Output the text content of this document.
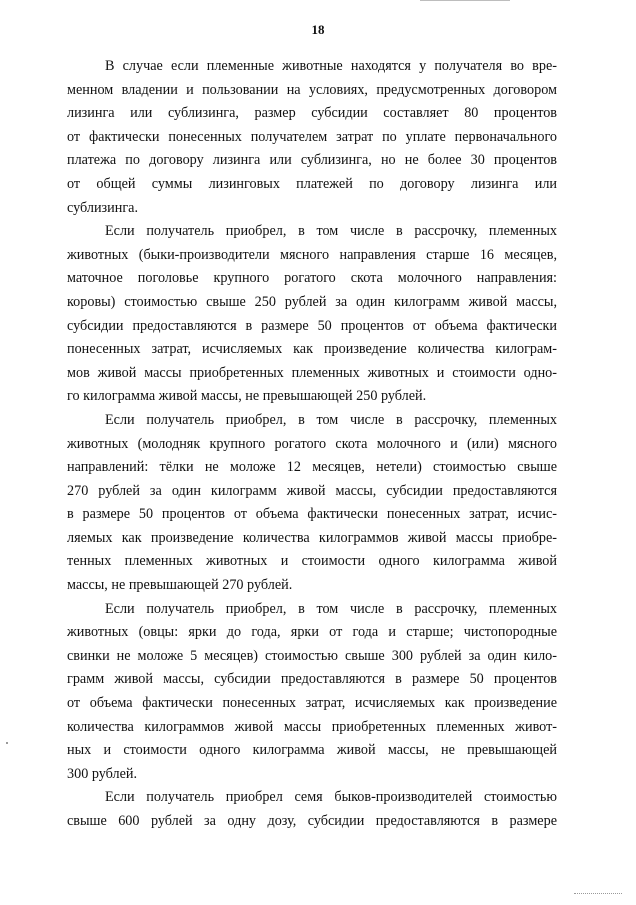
18

В случае если племенные животные находятся у получателя во вре-
менном владении и пользовании на условиях, предусмотренных договором
лизинга или сублизинга, размер субсидии составляет 80 процентов
от фактически понесенных получателем затрат по уплате первоначального
платежа по договору лизинга или сублизинга, но не более 30 процентов
от общей суммы лизинговых платежей по договору лизинга или
сублизинга.

Если получатель приобрел, в том числе в рассрочку, племенных
животных (быки-производители мясного направления старше 16 месяцев,
маточное поголовье крупного рогатого скота молочного направления:
коровы) стоимостью свыше 250 рублей за один килограмм живой массы,
субсидии предоставляются в размере 50 процентов от объема фактически
понесенных затрат, исчисляемых как произведение количества килограм-
мов живой массы приобретенных племенных животных и стоимости одно-
го килограмма живой массы, не превышающей 250 рублей.

Если получатель приобрел, в том числе в рассрочку, племенных
животных (молодняк крупного рогатого скота молочного и (или) мясного
направлений: тёлки не моложе 12 месяцев, нетели) стоимостью свыше
270 рублей за один килограмм живой массы, субсидии предоставляются
в размере 50 процентов от объема фактически понесенных затрат, исчис-
ляемых как произведение количества килограммов живой массы приобре-
тенных племенных животных и стоимости одного килограмма живой
массы, не превышающей 270 рублей.

Если получатель приобрел, в том числе в рассрочку, племенных
животных (овцы: ярки до года, ярки от года и старше; чистопородные
свинки не моложе 5 месяцев) стоимостью свыше 300 рублей за один кило-
грамм живой массы, субсидии предоставляются в размере 50 процентов
от объема фактически понесенных затрат, исчисляемых как произведение
количества килограммов живой массы приобретенных племенных живот-
ных и стоимости одного килограмма живой массы, не превышающей
300 рублей.

Если получатель приобрел семя быков-производителей стоимостью
свыше 600 рублей за одну дозу, субсидии предоставляются в размере
